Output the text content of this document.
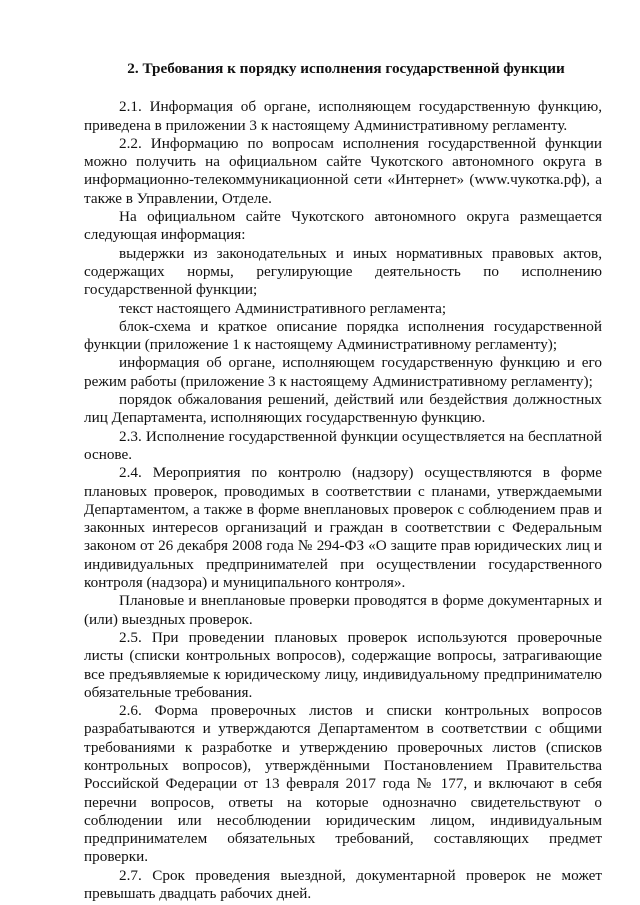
2. Требования к порядку исполнения государственной функции

2.1. Информация об органе, исполняющем государственную функцию, приведена в приложении 3 к настоящему Административному регламенту.

2.2. Информацию по вопросам исполнения государственной функции можно получить на официальном сайте Чукотского автономного округа в информационно-телекоммуникационной сети «Интернет» (www.чукотка.рф), а также в Управлении, Отделе.

На официальном сайте Чукотского автономного округа размещается следующая информация:

выдержки из законодательных и иных нормативных правовых актов, содержащих нормы, регулирующие деятельность по исполнению государственной функции;

текст настоящего Административного регламента;

блок-схема и краткое описание порядка исполнения государственной функции (приложение 1 к настоящему Административному регламенту);

информация об органе, исполняющем государственную функцию и его режим работы (приложение 3 к настоящему Административному регламенту);

порядок обжалования решений, действий или бездействия должностных лиц Департамента, исполняющих государственную функцию.

2.3. Исполнение государственной функции осуществляется на бесплатной основе.

2.4. Мероприятия по контролю (надзору) осуществляются в форме плановых проверок, проводимых в соответствии с планами, утверждаемыми Департаментом, а также в форме внеплановых проверок с соблюдением прав и законных интересов организаций и граждан в соответствии с Федеральным законом от 26 декабря 2008 года № 294-ФЗ «О защите прав юридических лиц и индивидуальных предпринимателей при осуществлении государственного контроля (надзора) и муниципального контроля».

Плановые и внеплановые проверки проводятся в форме документарных и (или) выездных проверок.

2.5. При проведении плановых проверок используются проверочные листы (списки контрольных вопросов), содержащие вопросы, затрагивающие все предъявляемые к юридическому лицу, индивидуальному предпринимателю обязательные требования.

2.6. Форма проверочных листов и списки контрольных вопросов разрабатываются и утверждаются Департаментом в соответствии с общими требованиями к разработке и утверждению проверочных листов (списков контрольных вопросов), утверждёнными Постановлением Правительства Российской Федерации от 13 февраля 2017 года № 177, и включают в себя перечни вопросов, ответы на которые однозначно свидетельствуют о соблюдении или несоблюдении юридическим лицом, индивидуальным предпринимателем обязательных требований, составляющих предмет проверки.

2.7. Срок проведения выездной, документарной проверок не может превышать двадцать рабочих дней.
